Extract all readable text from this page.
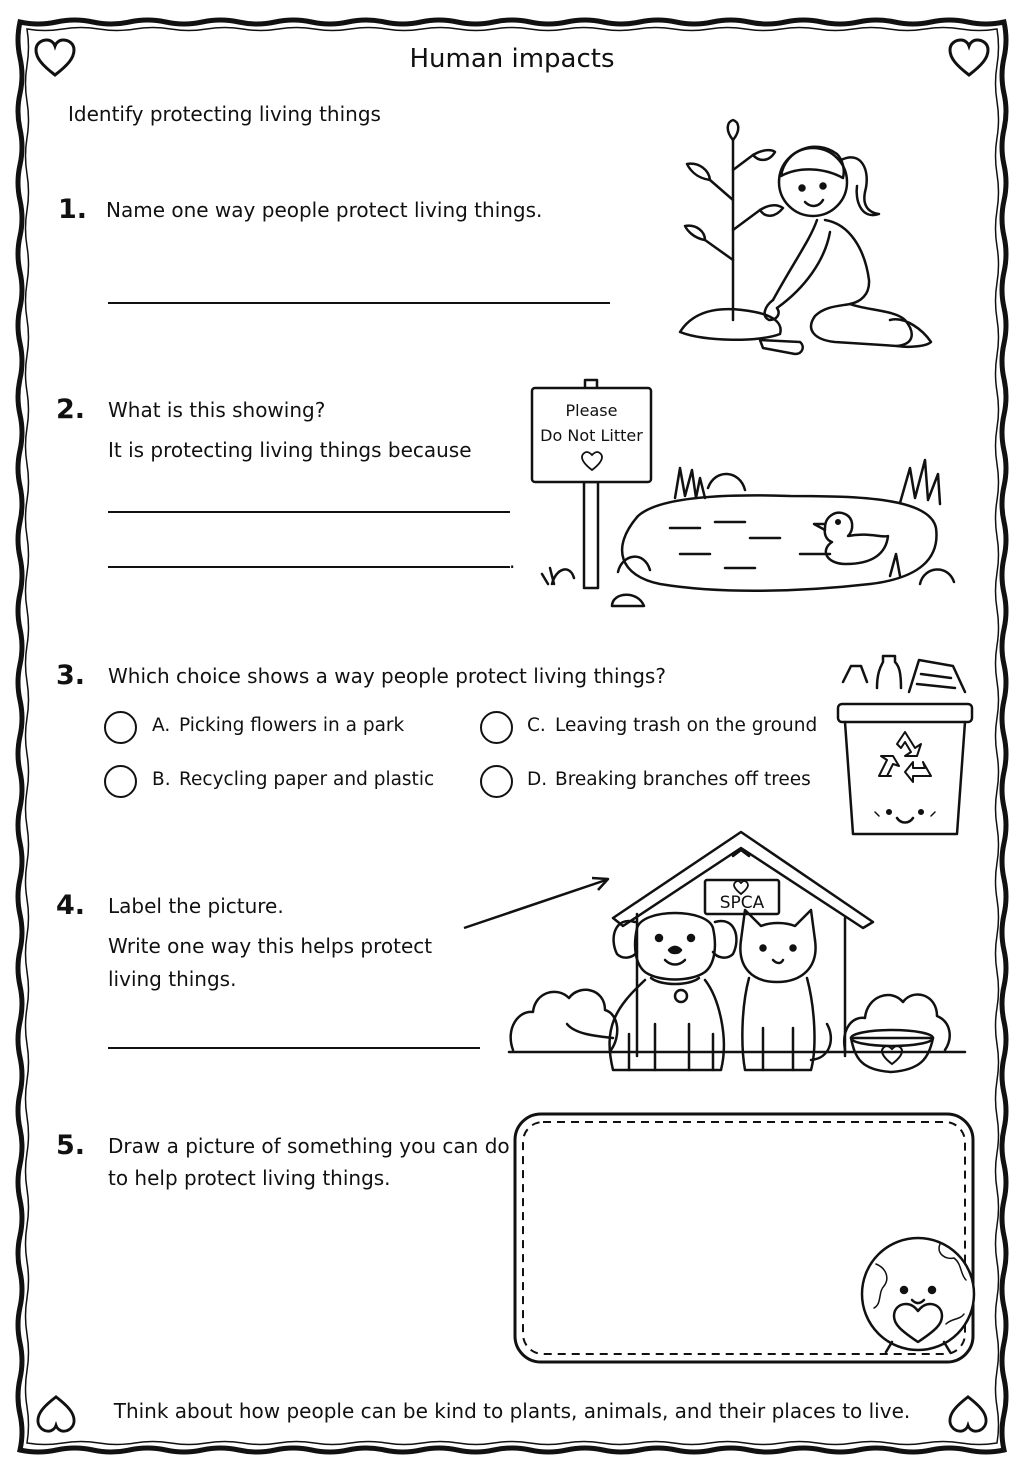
Human impacts
Identify protecting living things
1. Name one way people protect living things.
2. What is this showing?
It is protecting living things because
.
Please
Do Not Litter
3. Which choice shows a way people protect living things?
A. Picking flowers in a park
B. Recycling paper and plastic
C. Leaving trash on the ground
D. Breaking branches off trees
4. Label the picture.
Write one way this helps protect
living things.
SPCA
5. Draw a picture of something you can do
to help protect living things.
Think about how people can be kind to plants, animals, and their places to live.
